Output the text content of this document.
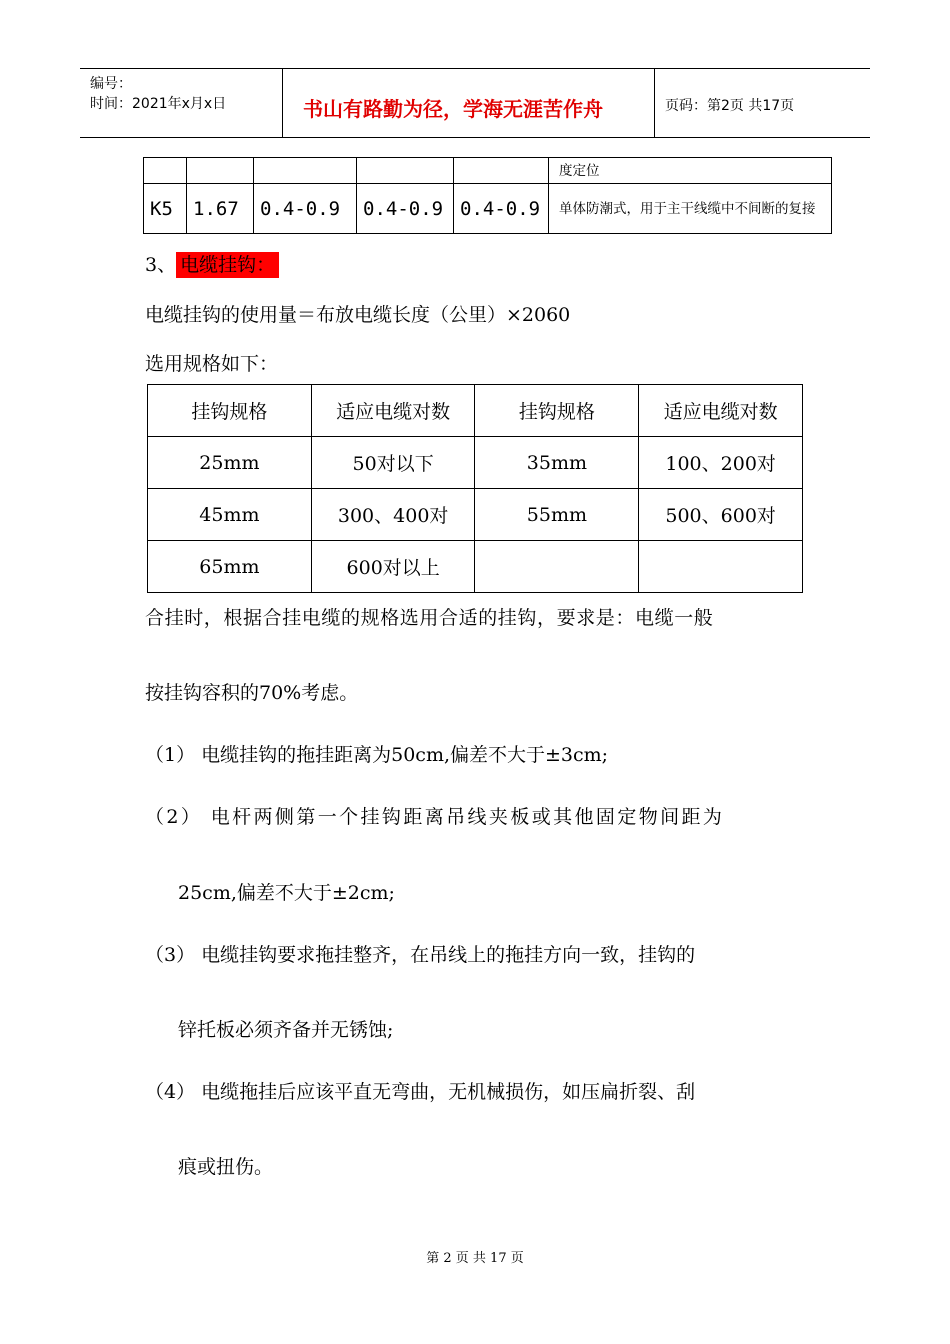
编号：
时间：2021年x月x日	书山有路勤为径，学海无涯苦作舟	页码：第2页 共17页
					度定位
K5	1.67	0.4-0.9	0.4-0.9	0.4-0.9	单体防潮式，用于主干线缆中不间断的复接
3、 电缆挂钩：
电缆挂钩的使用量＝布放电缆长度（公里）×2060
选用规格如下：
挂钩规格	适应电缆对数	挂钩规格	适应电缆对数
25mm	50对以下	35mm	100、200对
45mm	300、400对	55mm	500、600对
65mm	600对以上		
合挂时，根据合挂电缆的规格选用合适的挂钩，要求是：电缆一般
按挂钩容积的70%考虑。
（1） 电缆挂钩的拖挂距离为50cm,偏差不大于±3cm;
（2） 电杆两侧第一个挂钩距离吊线夹板或其他固定物间距为
25cm,偏差不大于±2cm;
（3） 电缆挂钩要求拖挂整齐，在吊线上的拖挂方向一致，挂钩的
锌托板必须齐备并无锈蚀;
（4） 电缆拖挂后应该平直无弯曲，无机械损伤，如压扁折裂、刮
痕或扭伤。
第 2 页 共 17 页
